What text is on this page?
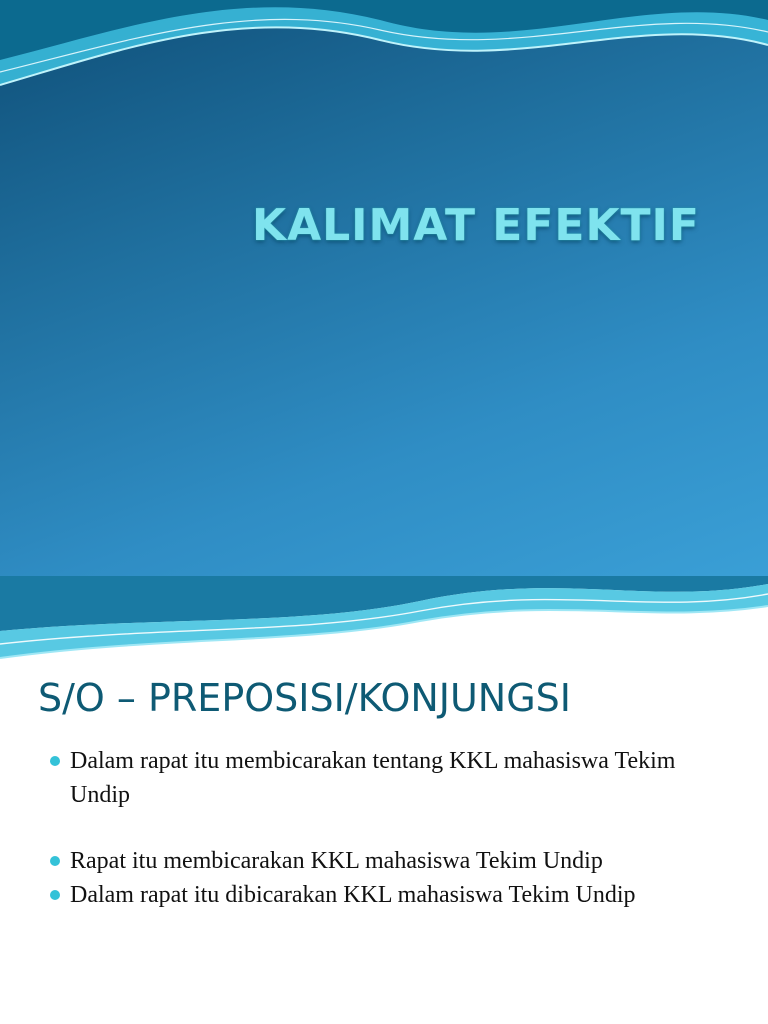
KALIMAT EFEKTIF
S/O – PREPOSISI/KONJUNGSI
Dalam rapat itu membicarakan tentang KKL mahasiswa Tekim Undip
Rapat itu membicarakan KKL mahasiswa Tekim Undip
Dalam rapat itu dibicarakan KKL mahasiswa Tekim Undip
